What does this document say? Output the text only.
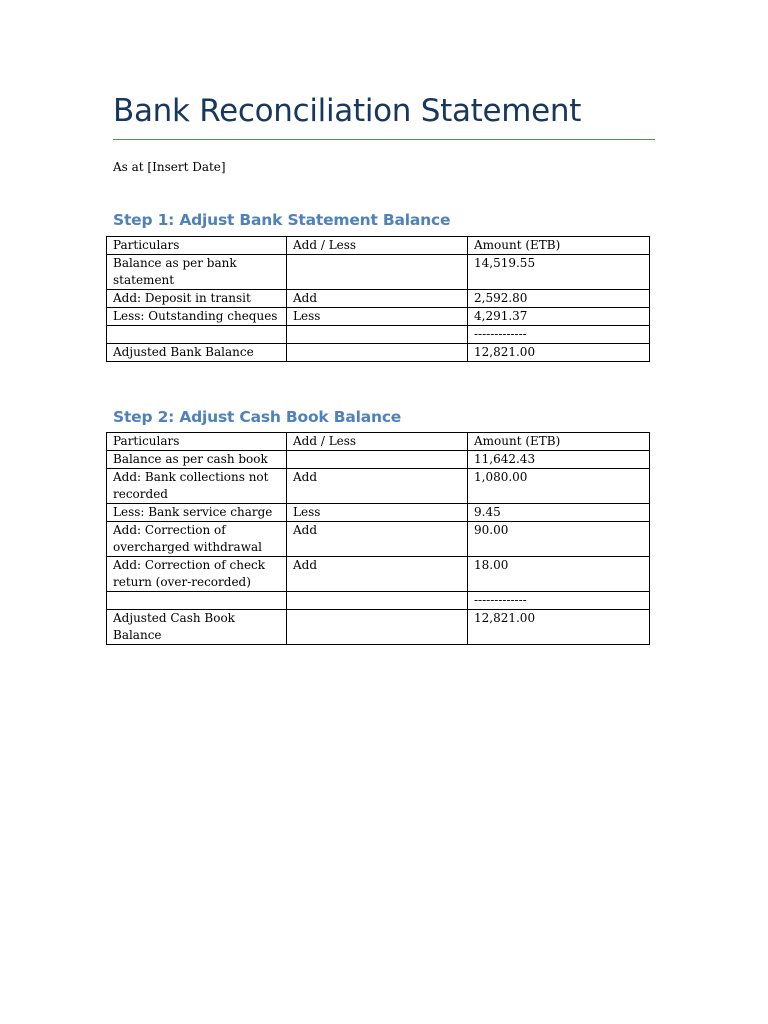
Bank Reconciliation Statement
As at [Insert Date]
Step 1: Adjust Bank Statement Balance
Particulars	Add / Less	Amount (ETB)
Balance as per bank statement		14,519.55
Add: Deposit in transit	Add	2,592.80
Less: Outstanding cheques	Less	4,291.37
		-------------
Adjusted Bank Balance		12,821.00
Step 2: Adjust Cash Book Balance
Particulars	Add / Less	Amount (ETB)
Balance as per cash book		11,642.43
Add: Bank collections not recorded	Add	1,080.00
Less: Bank service charge	Less	9.45
Add: Correction of overcharged withdrawal	Add	90.00
Add: Correction of check return (over-recorded)	Add	18.00
		-------------
Adjusted Cash Book Balance		12,821.00
